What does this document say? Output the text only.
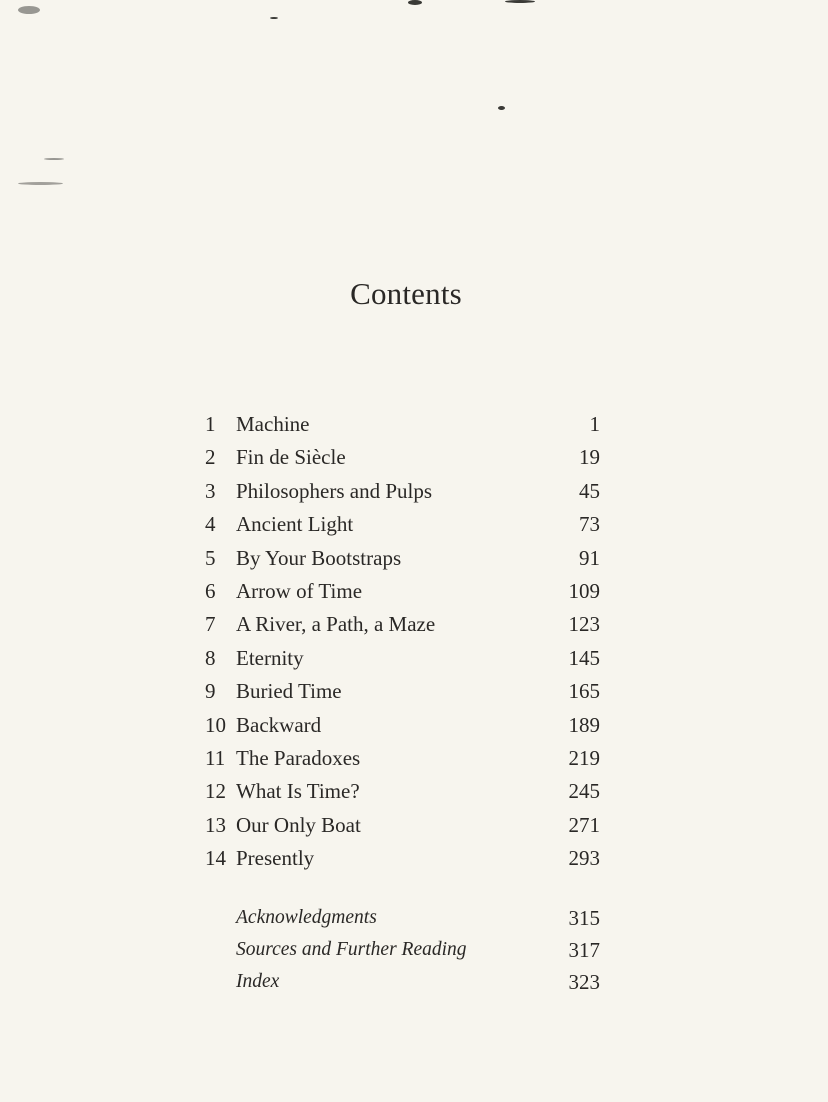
Contents
1 Machine	1
2 Fin de Siècle	19
3 Philosophers and Pulps	45
4 Ancient Light	73
5 By Your Bootstraps	91
6 Arrow of Time	109
7 A River, a Path, a Maze	123
8 Eternity	145
9 Buried Time	165
10 Backward	189
11 The Paradoxes	219
12 What Is Time?	245
13 Our Only Boat	271
14 Presently	293
Acknowledgments	315
Sources and Further Reading	317
Index	323
